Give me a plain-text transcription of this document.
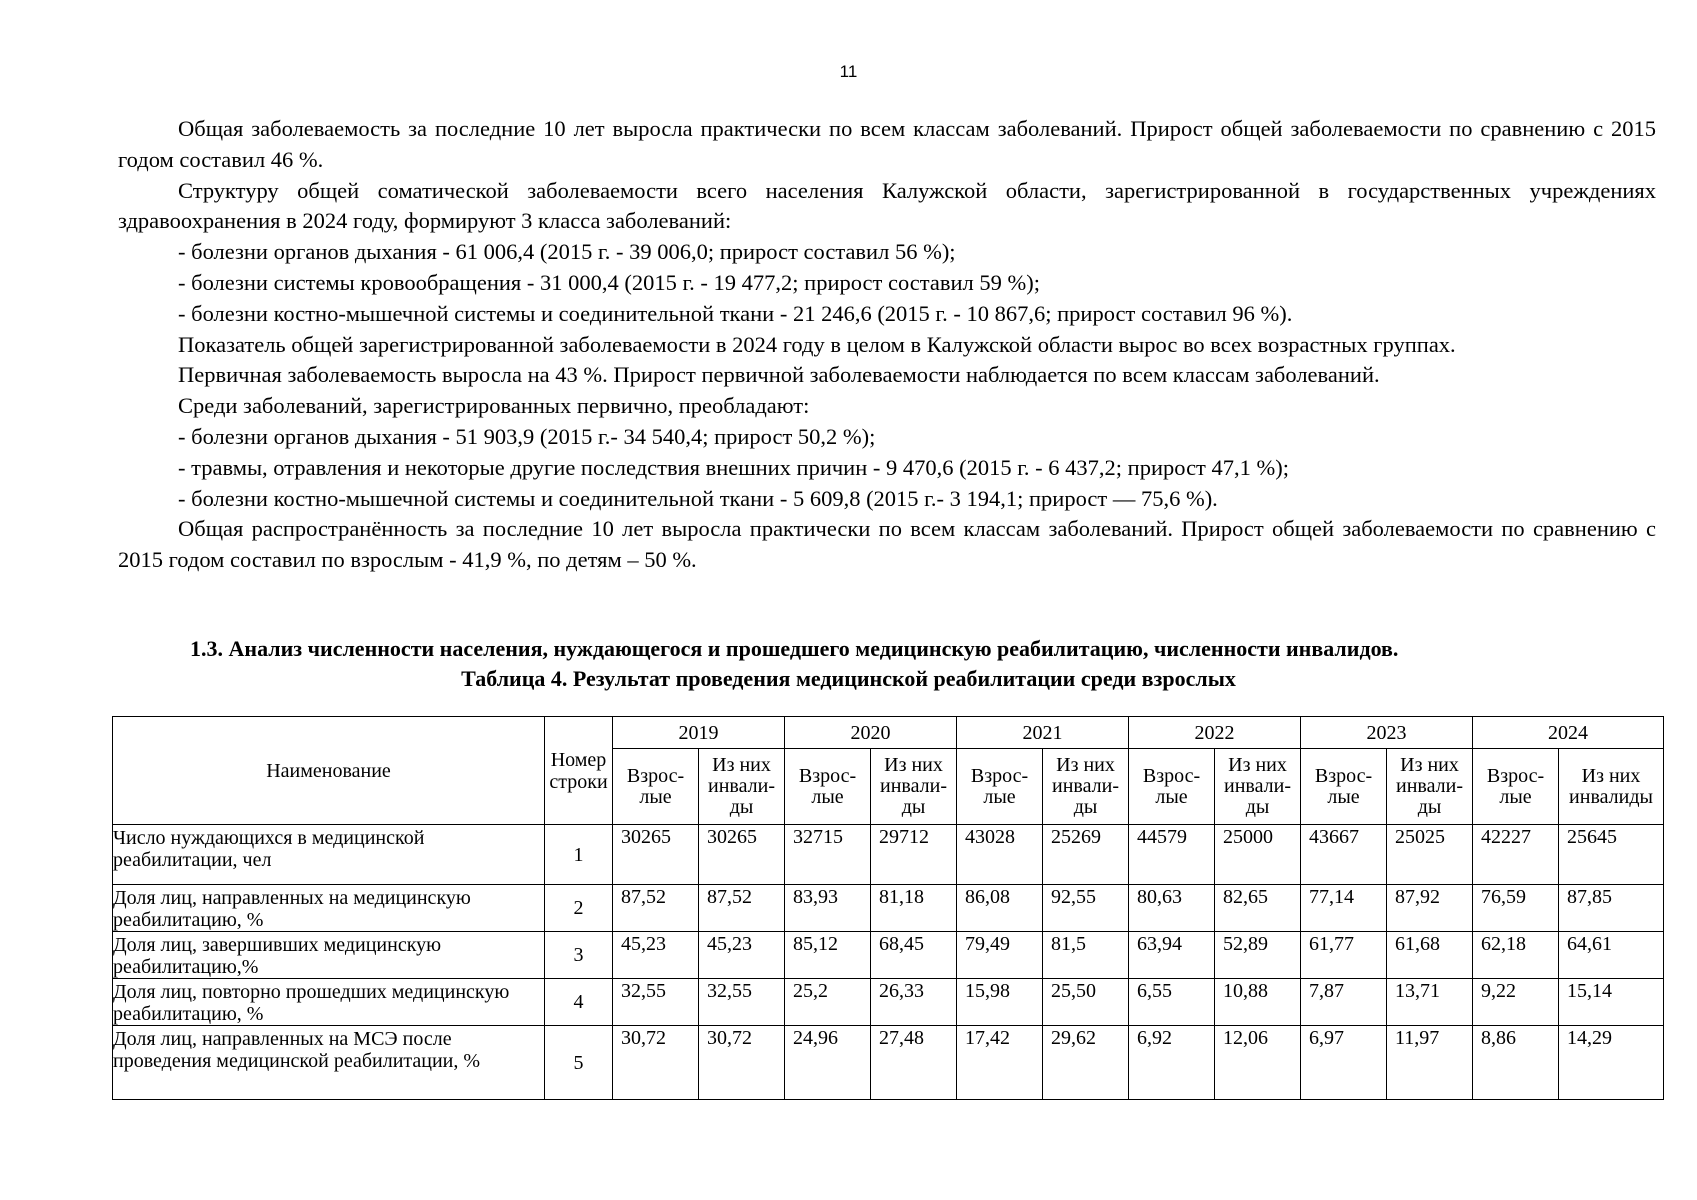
11

Общая заболеваемость за последние 10 лет выросла практически по всем классам заболеваний. Прирост общей заболеваемости по сравнению с 2015 годом составил 46 %.

Структуру общей соматической заболеваемости всего населения Калужской области, зарегистрированной в государственных учреждениях здравоохранения в 2024 году, формируют 3 класса заболеваний:

- болезни органов дыхания - 61 006,4 (2015 г. - 39 006,0; прирост составил 56 %);

- болезни системы кровообращения - 31 000,4 (2015 г. - 19 477,2; прирост составил 59 %);

- болезни костно-мышечной системы и соединительной ткани - 21 246,6 (2015 г. - 10 867,6; прирост составил 96 %).

Показатель общей зарегистрированной заболеваемости в 2024 году в целом в Калужской области вырос во всех возрастных группах.

Первичная заболеваемость выросла на 43 %. Прирост первичной заболеваемости наблюдается по всем классам заболеваний.

Среди заболеваний, зарегистрированных первично, преобладают:

- болезни органов дыхания - 51 903,9 (2015 г.- 34 540,4; прирост 50,2 %);

- травмы, отравления и некоторые другие последствия внешних причин - 9 470,6 (2015 г. - 6 437,2; прирост 47,1 %);

- болезни костно-мышечной системы и соединительной ткани - 5 609,8 (2015 г.- 3 194,1; прирост — 75,6 %).

Общая распространённость за последние 10 лет выросла практически по всем классам заболеваний. Прирост общей заболеваемости по сравнению с 2015 годом составил по взрослым - 41,9 %, по детям – 50 %.

1.3. Анализ численности населения, нуждающегося и прошедшего медицинскую реабилитацию, численности инвалидов.
Таблица 4. Результат проведения медицинской реабилитации среди взрослых
Наименование	Номер строки	2019		2020		2021		2022		2023		2024	
		Взрос-лые	Из них инвали-ды	Взрос-лые	Из них инвали-ды	Взрос-лые	Из них инвали-ды	Взрос-лые	Из них инвали-ды	Взрос-лые	Из них инвали-ды	Взрос-лые	Из них инвалиды
Число нуждающихся в медицинской реабилитации, чел	1	30265	30265	32715	29712	43028	25269	44579	25000	43667	25025	42227	25645
Доля лиц, направленных на медицинскую реабилитацию, %	2	87,52	87,52	83,93	81,18	86,08	92,55	80,63	82,65	77,14	87,92	76,59	87,85
Доля лиц, завершивших медицинскую реабилитацию,%	3	45,23	45,23	85,12	68,45	79,49	81,5	63,94	52,89	61,77	61,68	62,18	64,61
Доля лиц, повторно прошедших медицинскую реабилитацию, %	4	32,55	32,55	25,2	26,33	15,98	25,50	6,55	10,88	7,87	13,71	9,22	15,14
Доля лиц, направленных на МСЭ после проведения медицинской реабилитации, %	5	30,72	30,72	24,96	27,48	17,42	29,62	6,92	12,06	6,97	11,97	8,86	14,29
